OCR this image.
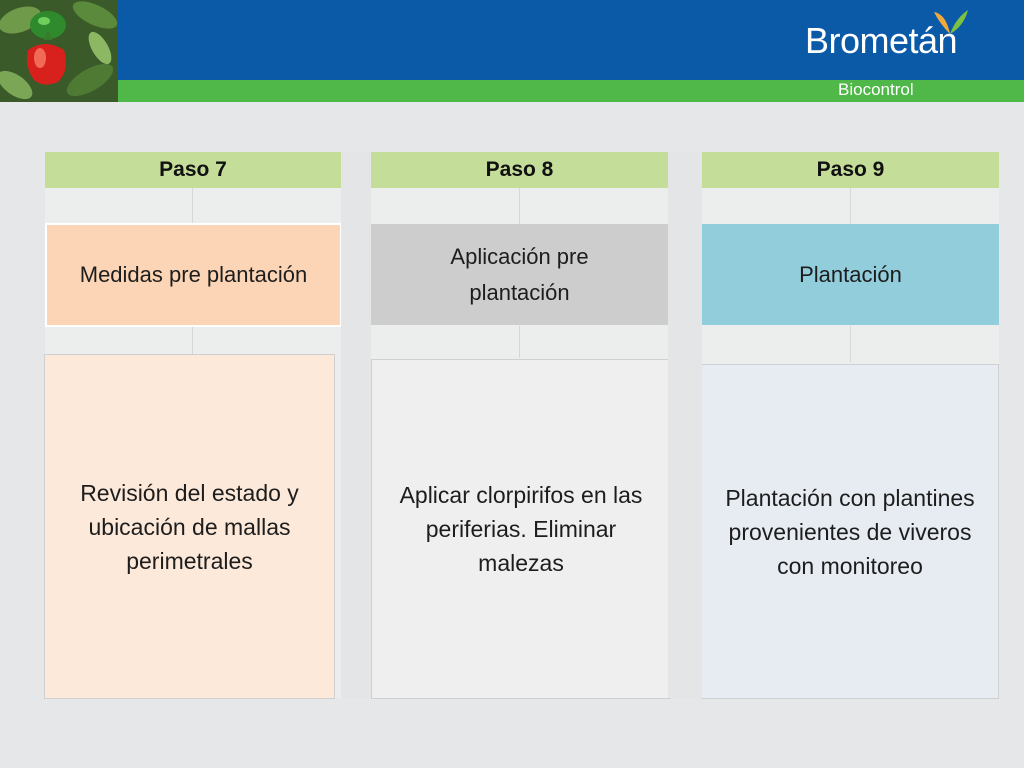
Brometán
Biocontrol
Paso 7
Medidas pre plantación
Revisión del estado y ubicación de mallas perimetrales
Paso 8
Aplicación pre plantación
Aplicar clorpirifos en las periferias. Eliminar malezas
Paso 9
Plantación
Plantación con plantines provenientes de viveros con monitoreo
